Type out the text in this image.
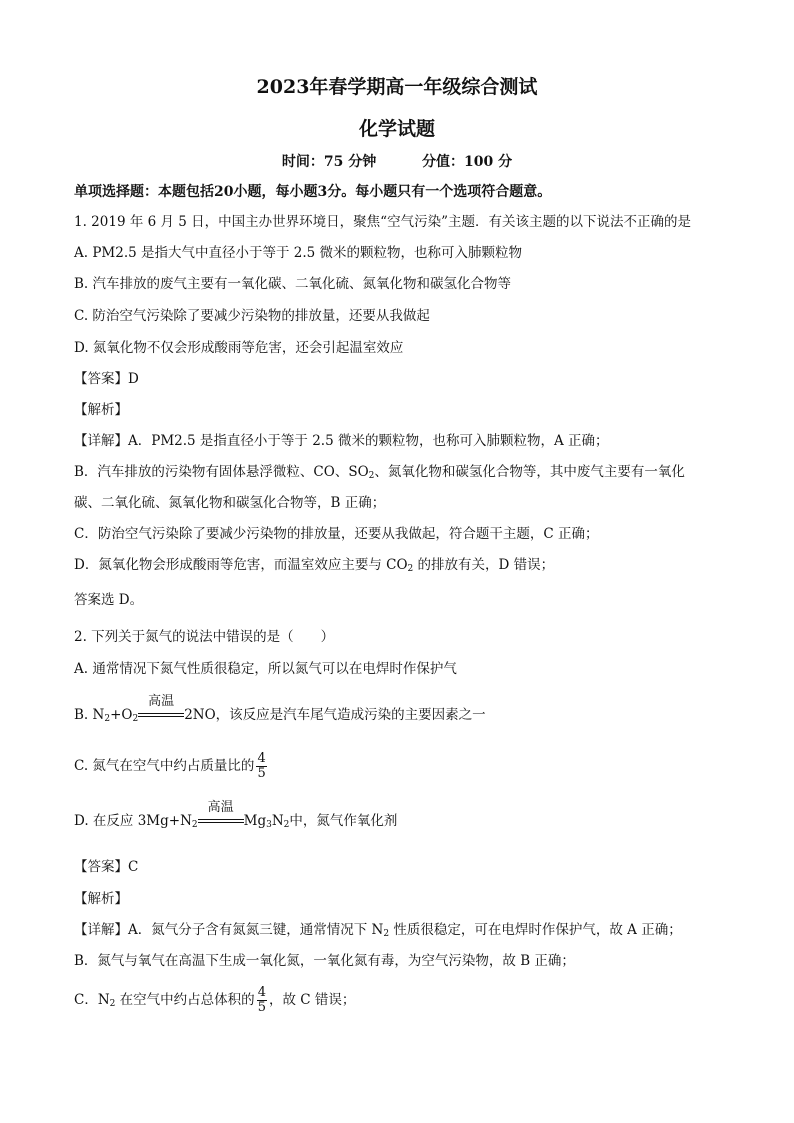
2023年春学期高一年级综合测试
化学试题
时间：75 分钟	分值：100 分
单项选择题：本题包括20小题，每小题3分。每小题只有一个选项符合题意。
1. 2019 年 6 月 5 日，中国主办世界环境日，聚焦“空气污染”主题．有关该主题的以下说法不正确的是
A. PM2.5 是指大气中直径小于等于 2.5 微米的颗粒物，也称可入肺颗粒物
B. 汽车排放的废气主要有一氧化碳、二氧化硫、氮氧化物和碳氢化合物等
C. 防治空气污染除了要减少污染物的排放量，还要从我做起
D. 氮氧化物不仅会形成酸雨等危害，还会引起温室效应
【答案】D
【解析】
【详解】A．PM2.5 是指直径小于等于 2.5 微米的颗粒物，也称可入肺颗粒物，A 正确；
B．汽车排放的污染物有固体悬浮微粒、CO、$SO_2$、氮氧化物和碳氢化合物等，其中废气主要有一氧化
碳、二氧化硫、氮氧化物和碳氢化合物等，B 正确；
C．防治空气污染除了要减少污染物的排放量，还要从我做起，符合题干主题，C 正确；
D．氮氧化物会形成酸雨等危害，而温室效应主要与 $CO_2$ 的排放有关，D 错误；
答案选 D。
2. 下列关于氮气的说法中错误的是（　　）
A. 通常情况下氮气性质很稳定，所以氮气可以在电焊时作保护气
B. $N_2+O_2$
高温
2NO，该反应是汽车尾气造成污染的主要因素之一
C. 氮气在空气中约占质量比的 $\frac{4}{5}$
D. 在反应 $3Mg+N_2$
高温
$Mg_3N_2$中，氮气作氧化剂
【答案】C
【解析】
【详解】A．氮气分子含有氮氮三键，通常情况下 $N_2$ 性质很稳定，可在电焊时作保护气，故 A 正确；
B．氮气与氧气在高温下生成一氧化氮，一氧化氮有毒，为空气污染物，故 B 正确；
C．$N_2$ 在空气中约占总体积的 $\frac{4}{5}$ ，故 C 错误；
